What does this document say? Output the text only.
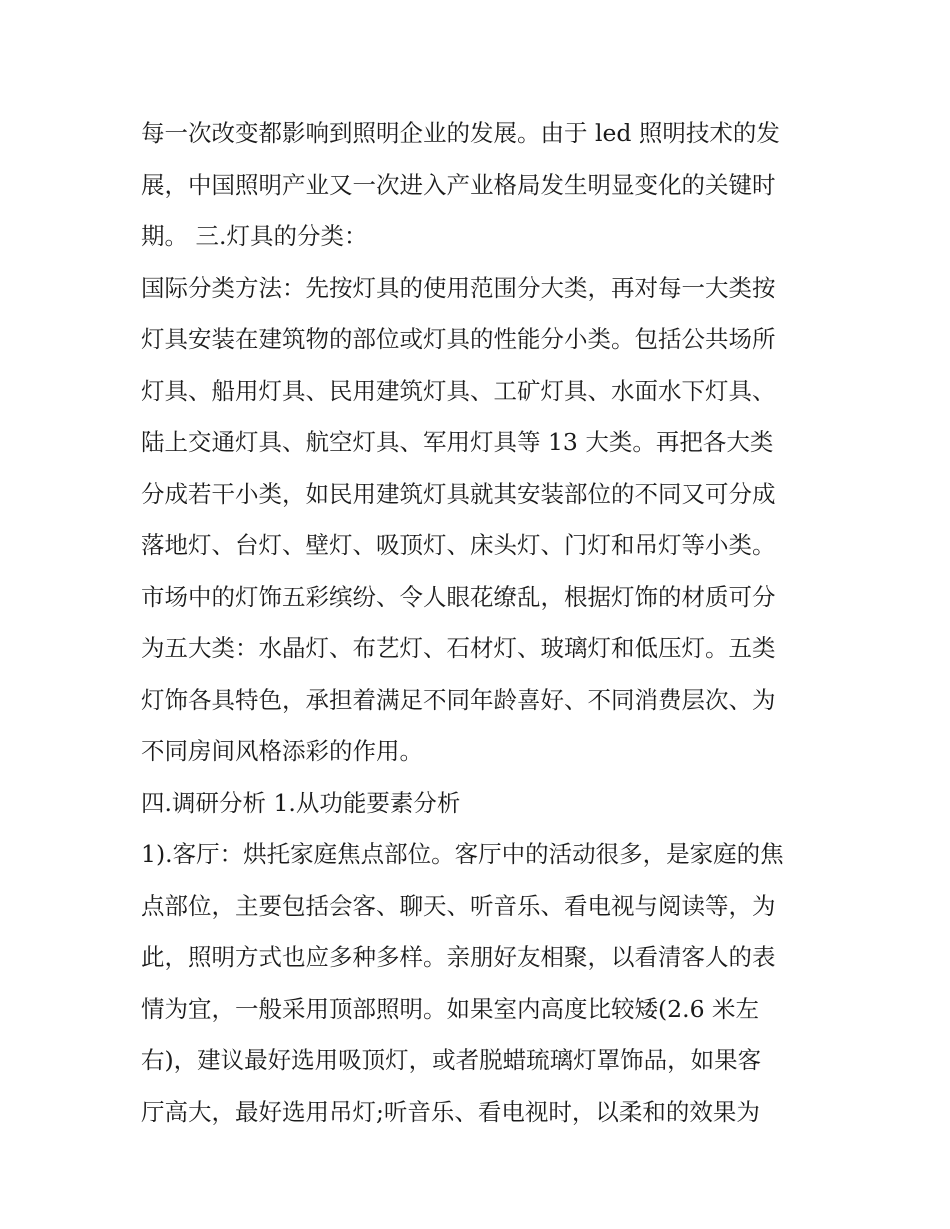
每一次改变都影响到照明企业的发展。由于 led 照明技术的发
展，中国照明产业又一次进入产业格局发生明显变化的关键时
期。 三.灯具的分类：
国际分类方法：先按灯具的使用范围分大类，再对每一大类按
灯具安装在建筑物的部位或灯具的性能分小类。包括公共场所
灯具、船用灯具、民用建筑灯具、工矿灯具、水面水下灯具、
陆上交通灯具、航空灯具、军用灯具等 13 大类。再把各大类
分成若干小类，如民用建筑灯具就其安装部位的不同又可分成
落地灯、台灯、壁灯、吸顶灯、床头灯、门灯和吊灯等小类。
市场中的灯饰五彩缤纷、令人眼花缭乱，根据灯饰的材质可分
为五大类：水晶灯、布艺灯、石材灯、玻璃灯和低压灯。五类
灯饰各具特色，承担着满足不同年龄喜好、不同消费层次、为
不同房间风格添彩的作用。
四.调研分析 1.从功能要素分析
1).客厅：烘托家庭焦点部位。客厅中的活动很多，是家庭的焦
点部位，主要包括会客、聊天、听音乐、看电视与阅读等，为
此，照明方式也应多种多样。亲朋好友相聚，以看清客人的表
情为宜，一般采用顶部照明。如果室内高度比较矮(2.6 米左
右)，建议最好选用吸顶灯，或者脱蜡琉璃灯罩饰品，如果客
厅高大，最好选用吊灯;听音乐、看电视时，以柔和的效果为
